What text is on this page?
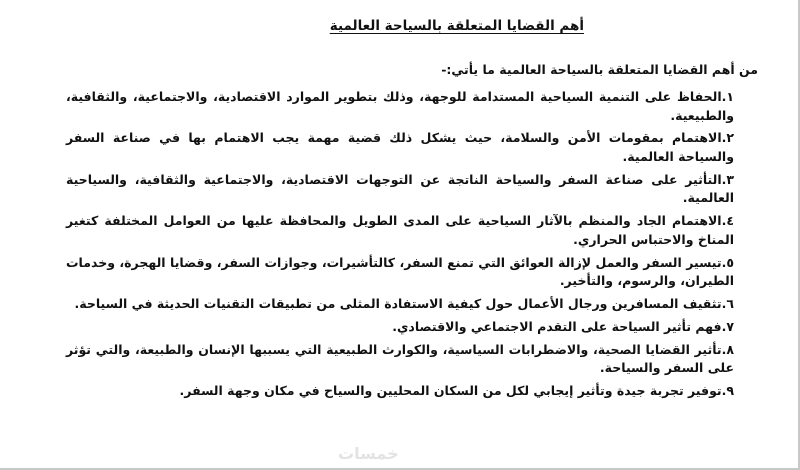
أهم القضايا المتعلقة بالسياحة العالمية
من أهم القضايا المتعلقة بالسياحة العالمية ما يأتي:-

١.الحفاظ على التنمية السياحية المستدامة للوجهة، وذلك بتطوير الموارد الاقتصادية، والاجتماعية، والثقافية، والطبيعية.

٢.الاهتمام بمقومات الأمن والسلامة، حيث يشكل ذلك قضية مهمة يجب الاهتمام بها في صناعة السفر والسياحة العالمية.

٣.التأثير على صناعة السفر والسياحة الناتجة عن التوجهات الاقتصادية، والاجتماعية والثقافية، والسياحية العالمية.

٤.الاهتمام الجاد والمنظم بالآثار السياحية على المدى الطويل والمحافظة عليها من العوامل المختلفة كتغير المناخ والاحتباس الحراري.

٥.تيسير السفر والعمل لإزالة العوائق التي تمنع السفر، كالتأشيرات، وجوازات السفر، وقضايا الهجرة، وخدمات الطيران، والرسوم، والتأخير.

٦.تثقيف المسافرين ورجال الأعمال حول كيفية الاستفادة المثلى من تطبيقات التقنيات الحديثة في السياحة.

٧.فهم تأثير السياحة على التقدم الاجتماعي والاقتصادي.

٨.تأثير القضايا الصحية، والاضطرابات السياسية، والكوارث الطبيعية التي يسببها الإنسان والطبيعة، والتي تؤثر على السفر والسياحة.

٩.توفير تجربة جيدة وتأثير إيجابي لكل من السكان المحليين والسياح في مكان وجهة السفر.

خمسات
